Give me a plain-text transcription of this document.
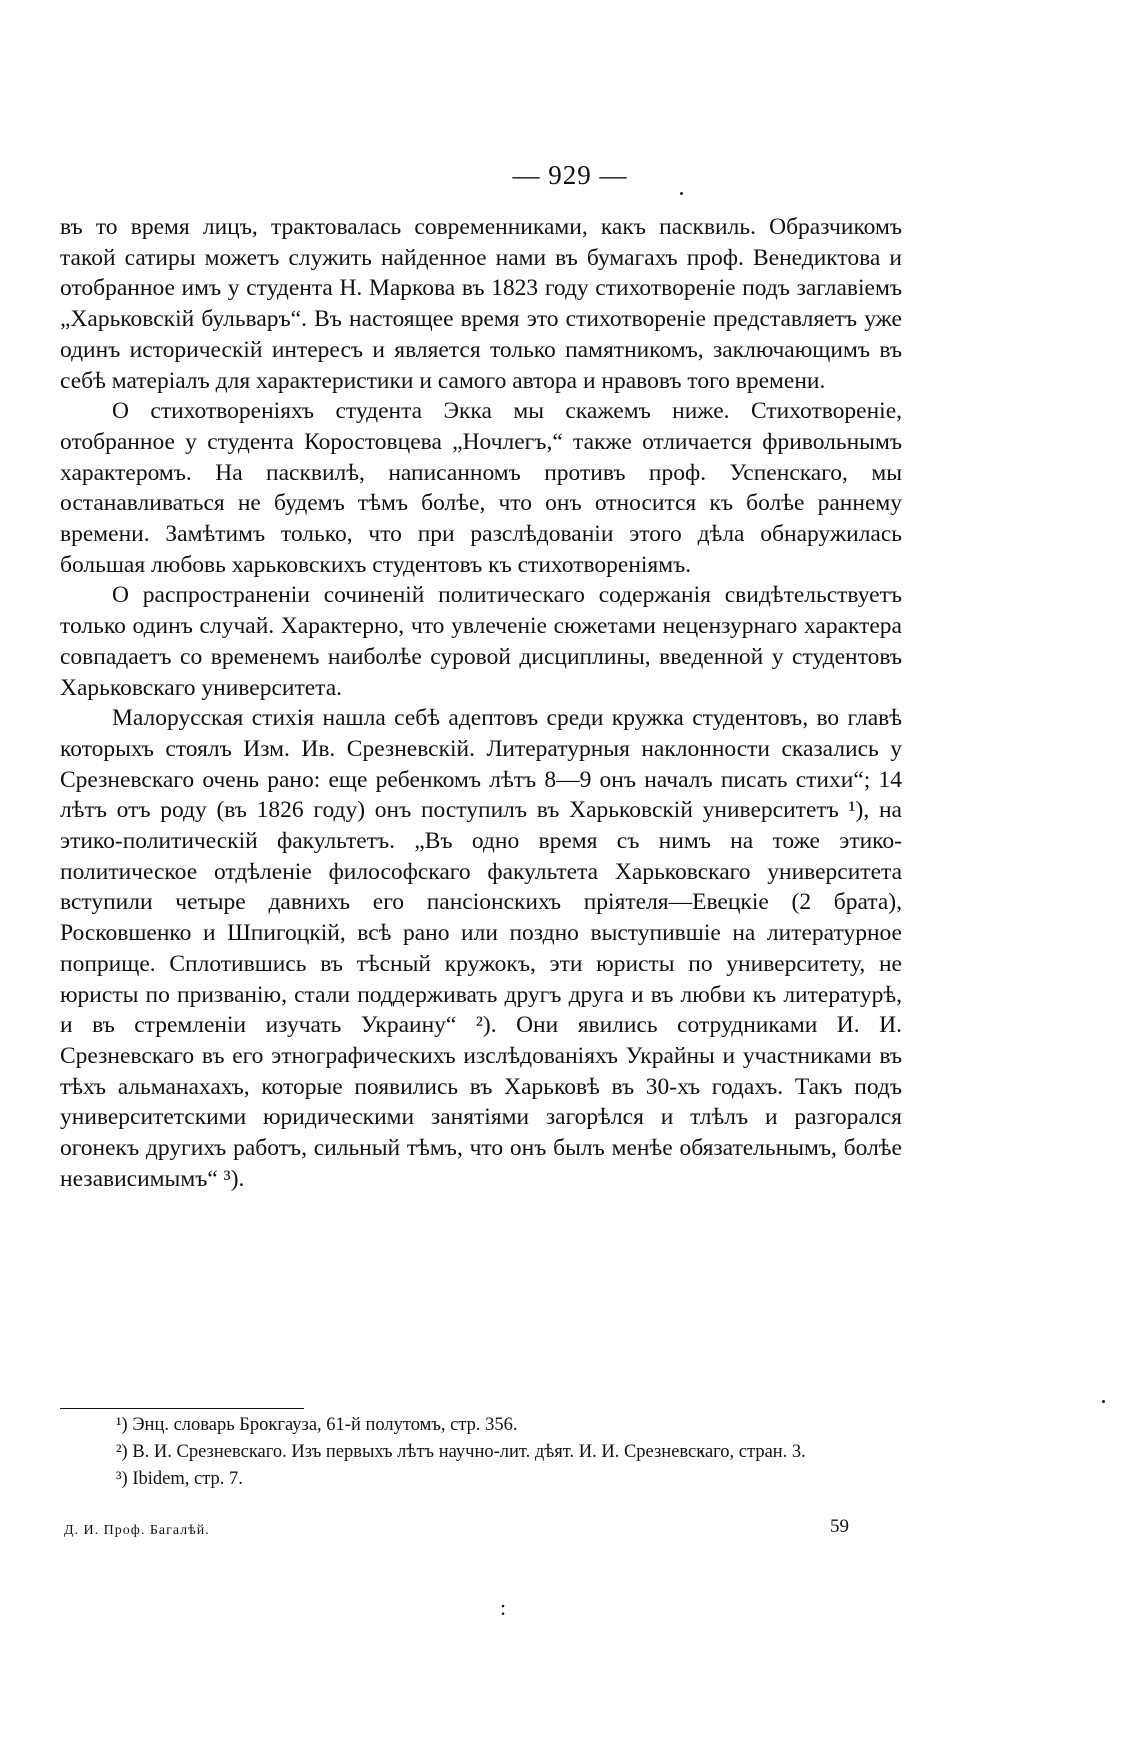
— 929 —

въ то время лицъ, трактовалась современниками, какъ пасквиль. Образчикомъ такой сатиры можетъ служить найденное нами въ бумагахъ проф. Венедиктова и отобранное имъ у студента Н. Маркова въ 1823 году стихотвореніе подъ заглавіемъ „Харьковскій бульваръ“. Въ настоящее время это стихотвореніе представляетъ уже одинъ историческій интересъ и является только памятникомъ, заключающимъ въ себѣ матеріалъ для характеристики и самого автора и нравовъ того времени.

О стихотвореніяхъ студента Экка мы скажемъ ниже. Стихотвореніе, отобранное у студента Коростовцева „Ночлегъ,“ также отличается фривольнымъ характеромъ. На пасквилѣ, написанномъ противъ проф. Успенскаго, мы останавливаться не будемъ тѣмъ болѣе, что онъ относится къ болѣе раннему времени. Замѣтимъ только, что при разслѣдованіи этого дѣла обнаружилась большая любовь харьковскихъ студентовъ къ стихотвореніямъ.

О распространеніи сочиненій политическаго содержанія свидѣтельствуетъ только одинъ случай. Характерно, что увлеченіе сюжетами нецензурнаго характера совпадаетъ со временемъ наиболѣе суровой дисциплины, введенной у студентовъ Харьковскаго университета.

Малорусская стихія нашла себѣ адептовъ среди кружка студентовъ, во главѣ которыхъ стоялъ Изм. Ив. Срезневскій. Литературныя наклонности сказались у Срезневскаго очень рано: еще ребенкомъ лѣтъ 8—9 онъ началъ писать стихи“; 14 лѣтъ отъ роду (въ 1826 году) онъ поступилъ въ Харьковскій университетъ ¹), на этико-политическій факультетъ. „Въ одно время съ нимъ на тоже этико-политическое отдѣленіе философскаго факультета Харьковскаго университета вступили четыре давнихъ его пансіонскихъ пріятеля—Евецкіе (2 брата), Росковшенко и Шпигоцкій, всѣ рано или поздно выступившіе на литературное поприще. Сплотившись въ тѣсный кружокъ, эти юристы по университету, не юристы по призванію, стали поддерживать другъ друга и въ любви къ литературѣ, и въ стремленіи изучать Украину“ ²). Они явились сотрудниками И. И. Срезневскаго въ его этнографическихъ изслѣдованіяхъ Украйны и участниками въ тѣхъ альманахахъ, которые появились въ Харьковѣ въ 30-хъ годахъ. Такъ подъ университетскими юридическими занятіями загорѣлся и тлѣлъ и разгорался огонекъ другихъ работъ, сильный тѣмъ, что онъ былъ менѣе обязательнымъ, болѣе независимымъ“ ³).

¹) Энц. словарь Брокгауза, 61-й полутомъ, стр. 356.

²) В. И. Срезневскаго. Изъ первыхъ лѣтъ научно-лит. дѣят. И. И. Срезневскаго, стран. 3.

³) Ibidem, стр. 7.

Д. И. Проф. Багалѣй.	59
:
